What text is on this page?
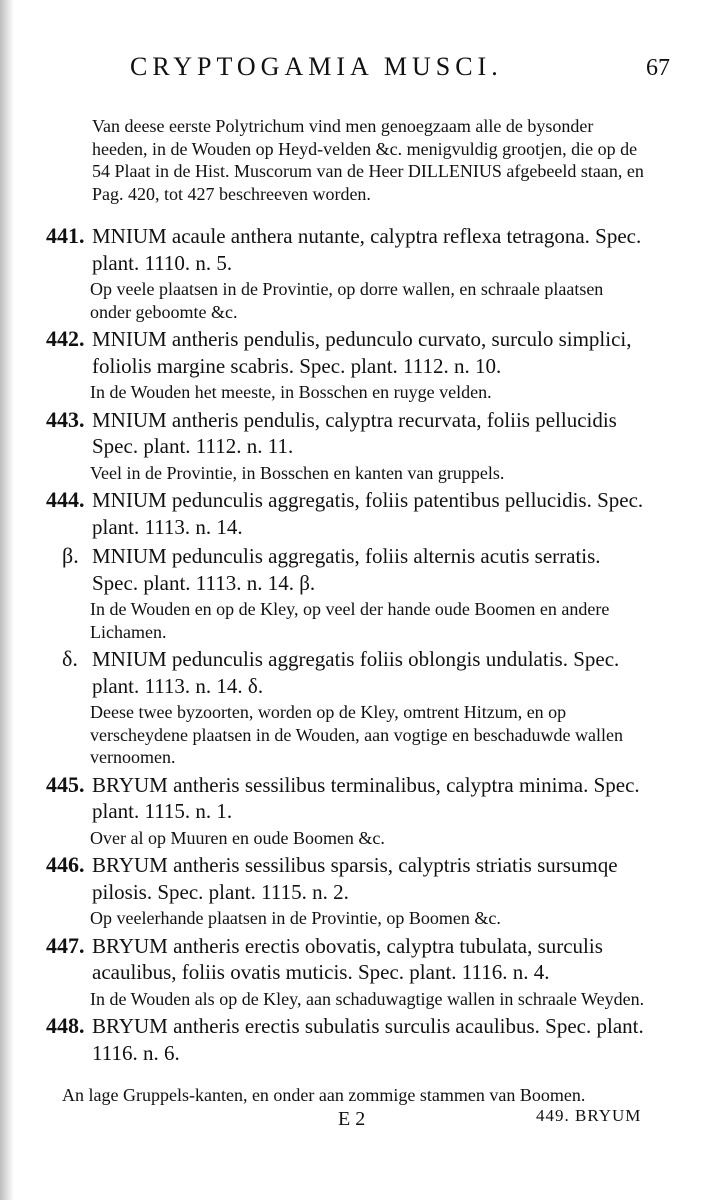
CRYPTOGAMIA MUSCI.	67

Van deese eerste Polytrichum vind men genoegzaam alle de bysonder heeden, in de Wouden op Heyd-velden &c. menigvuldig grootjen, die op de 54 Plaat in de Hist. Muscorum van de Heer DILLENIUS afgebeeld staan, en Pag. 420, tot 427 beschreeven worden.

441. MNIUM acaule anthera nutante, calyptra reflexa tetragona. Spec. plant. 1110. n. 5.

Op veele plaatsen in de Provintie, op dorre wallen, en schraale plaatsen onder geboomte &c.

442. MNIUM antheris pendulis, pedunculo curvato, surculo simplici, foliolis margine scabris. Spec. plant. 1112. n. 10.

In de Wouden het meeste, in Bosschen en ruyge velden.

443. MNIUM antheris pendulis, calyptra recurvata, foliis pellucidis Spec. plant. 1112. n. 11.

Veel in de Provintie, in Bosschen en kanten van gruppels.

444. MNIUM pedunculis aggregatis, foliis patentibus pellucidis. Spec. plant. 1113. n. 14.

β. MNIUM pedunculis aggregatis, foliis alternis acutis serratis. Spec. plant. 1113. n. 14. β.

In de Wouden en op de Kley, op veel der hande oude Boomen en andere Lichamen.

δ. MNIUM pedunculis aggregatis foliis oblongis undulatis. Spec. plant. 1113. n. 14. δ.

Deese twee byzoorten, worden op de Kley, omtrent Hitzum, en op verscheydene plaatsen in de Wouden, aan vogtige en beschaduwde wallen vernoomen.

445. BRYUM antheris sessilibus terminalibus, calyptra minima. Spec. plant. 1115. n. 1.

Over al op Muuren en oude Boomen &c.

446. BRYUM antheris sessilibus sparsis, calyptris striatis sursumqe pilosis. Spec. plant. 1115. n. 2.

Op veelerhande plaatsen in de Provintie, op Boomen &c.

447. BRYUM antheris erectis obovatis, calyptra tubulata, surculis acaulibus, foliis ovatis muticis. Spec. plant. 1116. n. 4.

In de Wouden als op de Kley, aan schaduwagtige wallen in schraale Weyden.

448. BRYUM antheris erectis subulatis surculis acaulibus. Spec. plant. 1116. n. 6.

An lage Gruppels-kanten, en onder aan zommige stammen van Boomen.
E 2	449. BRYUM
